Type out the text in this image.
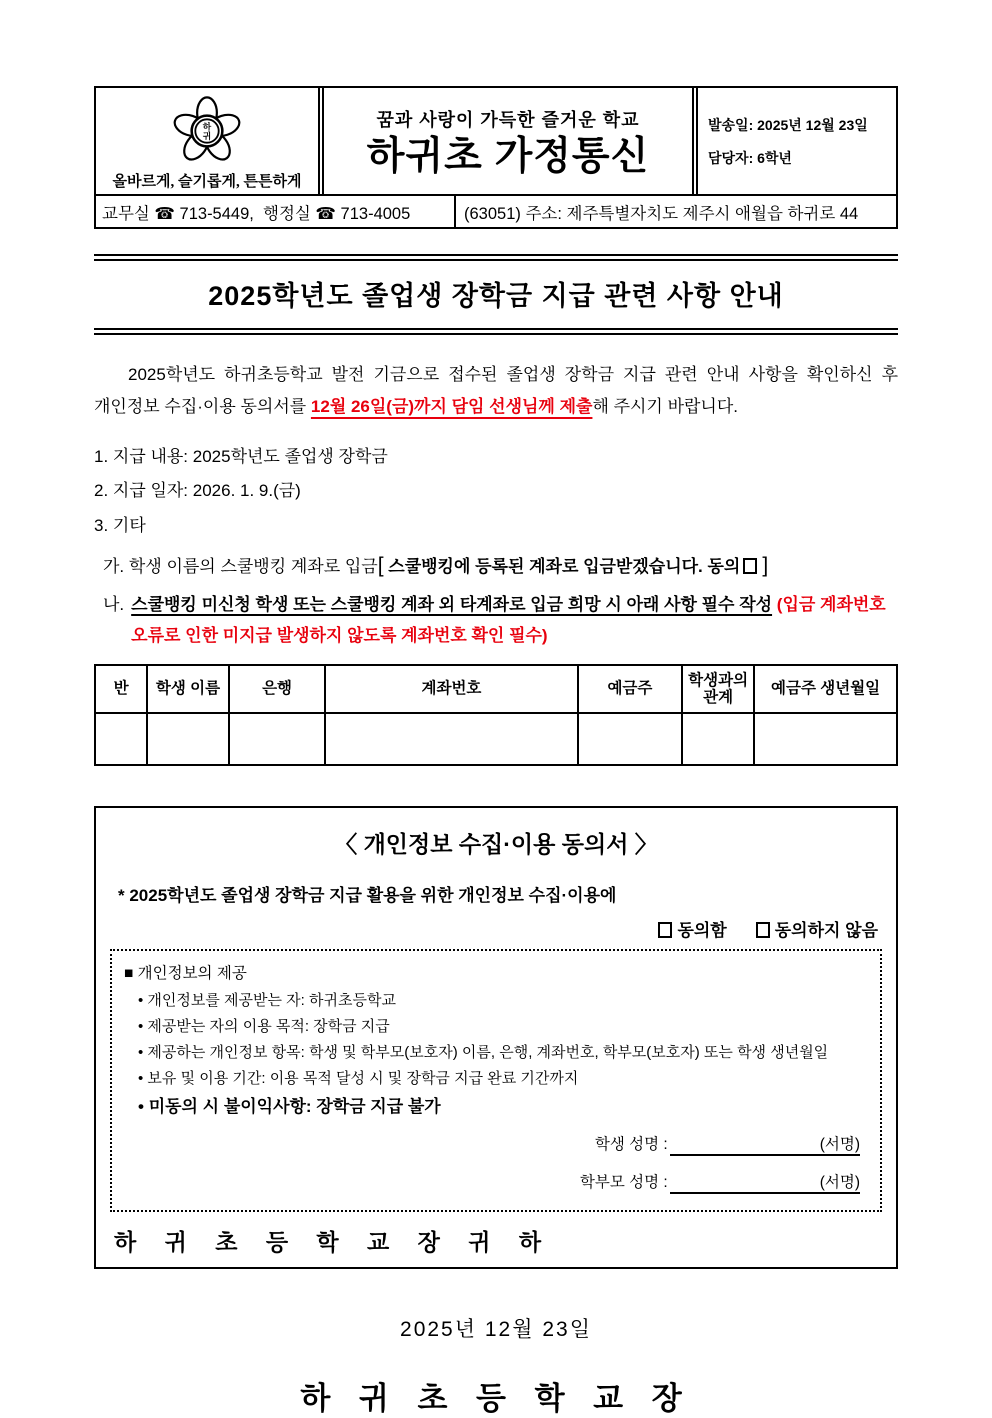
하
귀
올바르게, 슬기롭게, 튼튼하게
꿈과 사랑이 가득한 즐거운 학교
하귀초 가정통신
발송일: 2025년 12월 23일
담당자: 6학년
교무실 ☎ 713-5449,  행정실 ☎ 713-4005	(63051) 주소: 제주특별자치도 제주시 애월읍 하귀로 44
2025학년도 졸업생 장학금 지급 관련 사항 안내

2025학년도 하귀초등학교 발전 기금으로 접수된 졸업생 장학금 지급 관련 안내 사항을 확인하신 후 개인정보 수집·이용 동의서를 12월 26일(금)까지 담임 선생님께 제출해 주시기 바랍니다.

1. 지급 내용: 2025학년도 졸업생 장학금
2. 지급 일자: 2026. 1. 9.(금)
3. 기타
가. 학생 이름의 스쿨뱅킹 계좌로 입금[ 스쿨뱅킹에 등록된 계좌로 입금받겠습니다. 동의 ]
나. 스쿨뱅킹 미신청 학생 또는 스쿨뱅킹 계좌 외 타계좌로 입금 희망 시 아래 사항 필수 작성 (입금 계좌번호 오류로 인한 미지급 발생하지 않도록 계좌번호 확인 필수)
반	학생 이름	은행	계좌번호	예금주	학생과의 관계	예금주 생년월일

〈 개인정보 수집·이용 동의서 〉
* 2025학년도 졸업생 장학금 지급 활용을 위한 개인정보 수집·이용에
동의함	동의하지 않음
■ 개인정보의 제공
• 개인정보를 제공받는 자: 하귀초등학교
• 제공받는 자의 이용 목적: 장학금 지급
• 제공하는 개인정보 항목: 학생 및 학부모(보호자) 이름, 은행, 계좌번호, 학부모(보호자) 또는 학생 생년월일
• 보유 및 이용 기간: 이용 목적 달성 시 및 장학금 지급 완료 기간까지
• 미동의 시 불이익사항: 장학금 지급 불가
학생 성명 :	(서명)
학부모 성명 :	(서명)
하 귀 초 등 학 교 장 귀 하
2025년 12월 23일
하 귀 초 등 학 교 장
